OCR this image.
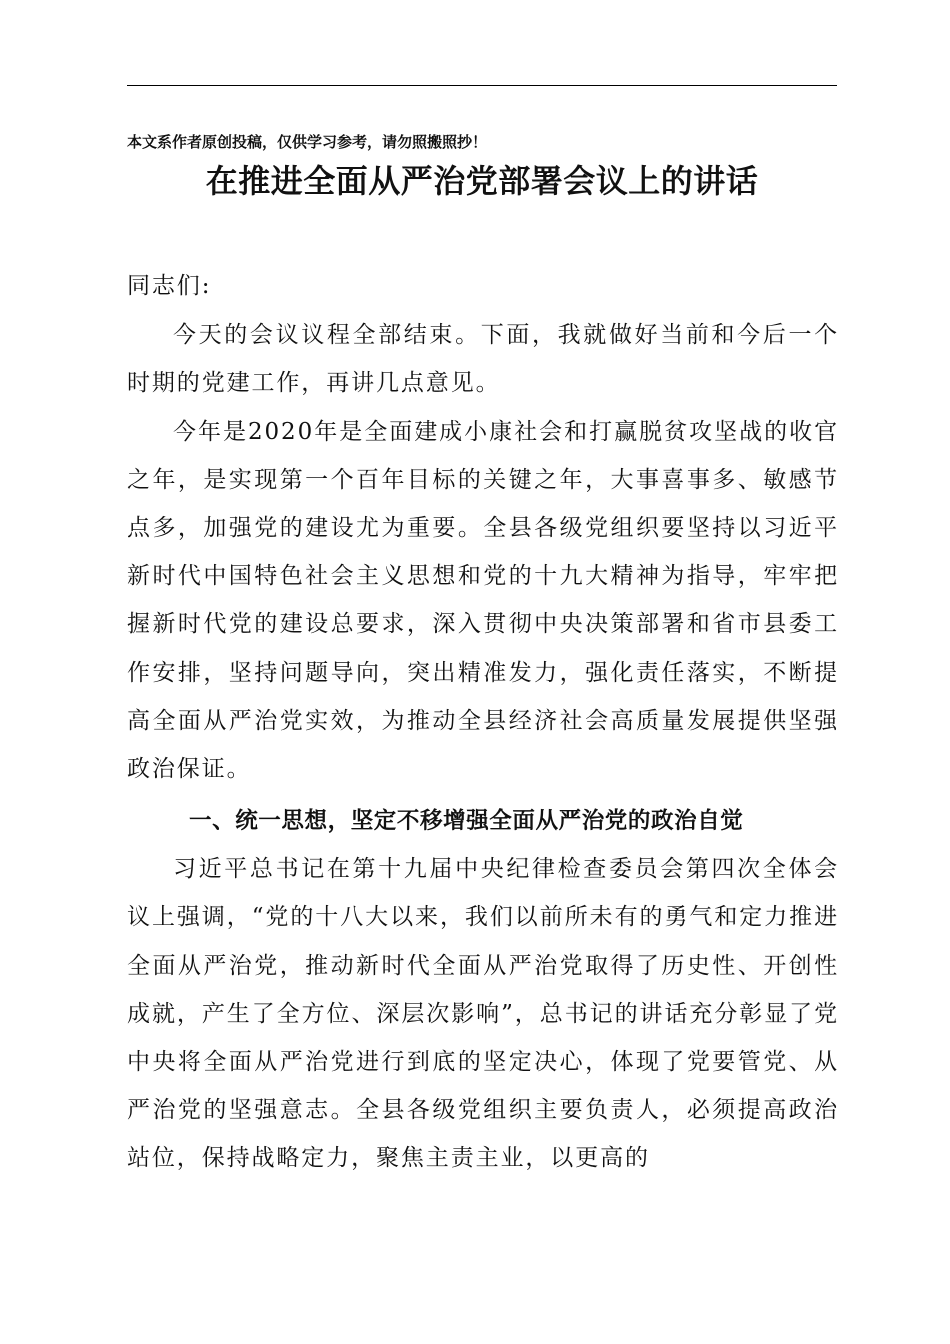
本文系作者原创投稿，仅供学习参考，请勿照搬照抄！
在推进全面从严治党部署会议上的讲话

同志们:

今天的会议议程全部结束。下面，我就做好当前和今后一个时期的党建工作，再讲几点意见。

今年是2020年是全面建成小康社会和打赢脱贫攻坚战的收官之年，是实现第一个百年目标的关键之年，大事喜事多、敏感节点多，加强党的建设尤为重要。全县各级党组织要坚持以习近平新时代中国特色社会主义思想和党的十九大精神为指导，牢牢把握新时代党的建设总要求，深入贯彻中央决策部署和省市县委工作安排，坚持问题导向，突出精准发力，强化责任落实，不断提高全面从严治党实效，为推动全县经济社会高质量发展提供坚强政治保证。

一、统一思想，坚定不移增强全面从严治党的政治自觉

习近平总书记在第十九届中央纪律检查委员会第四次全体会议上强调，“党的十八大以来，我们以前所未有的勇气和定力推进全面从严治党，推动新时代全面从严治党取得了历史性、开创性成就，产生了全方位、深层次影响”，总书记的讲话充分彰显了党中央将全面从严治党进行到底的坚定决心，体现了党要管党、从严治党的坚强意志。全县各级党组织主要负责人，必须提高政治站位，保持战略定力，聚焦主责主业，以更高的
